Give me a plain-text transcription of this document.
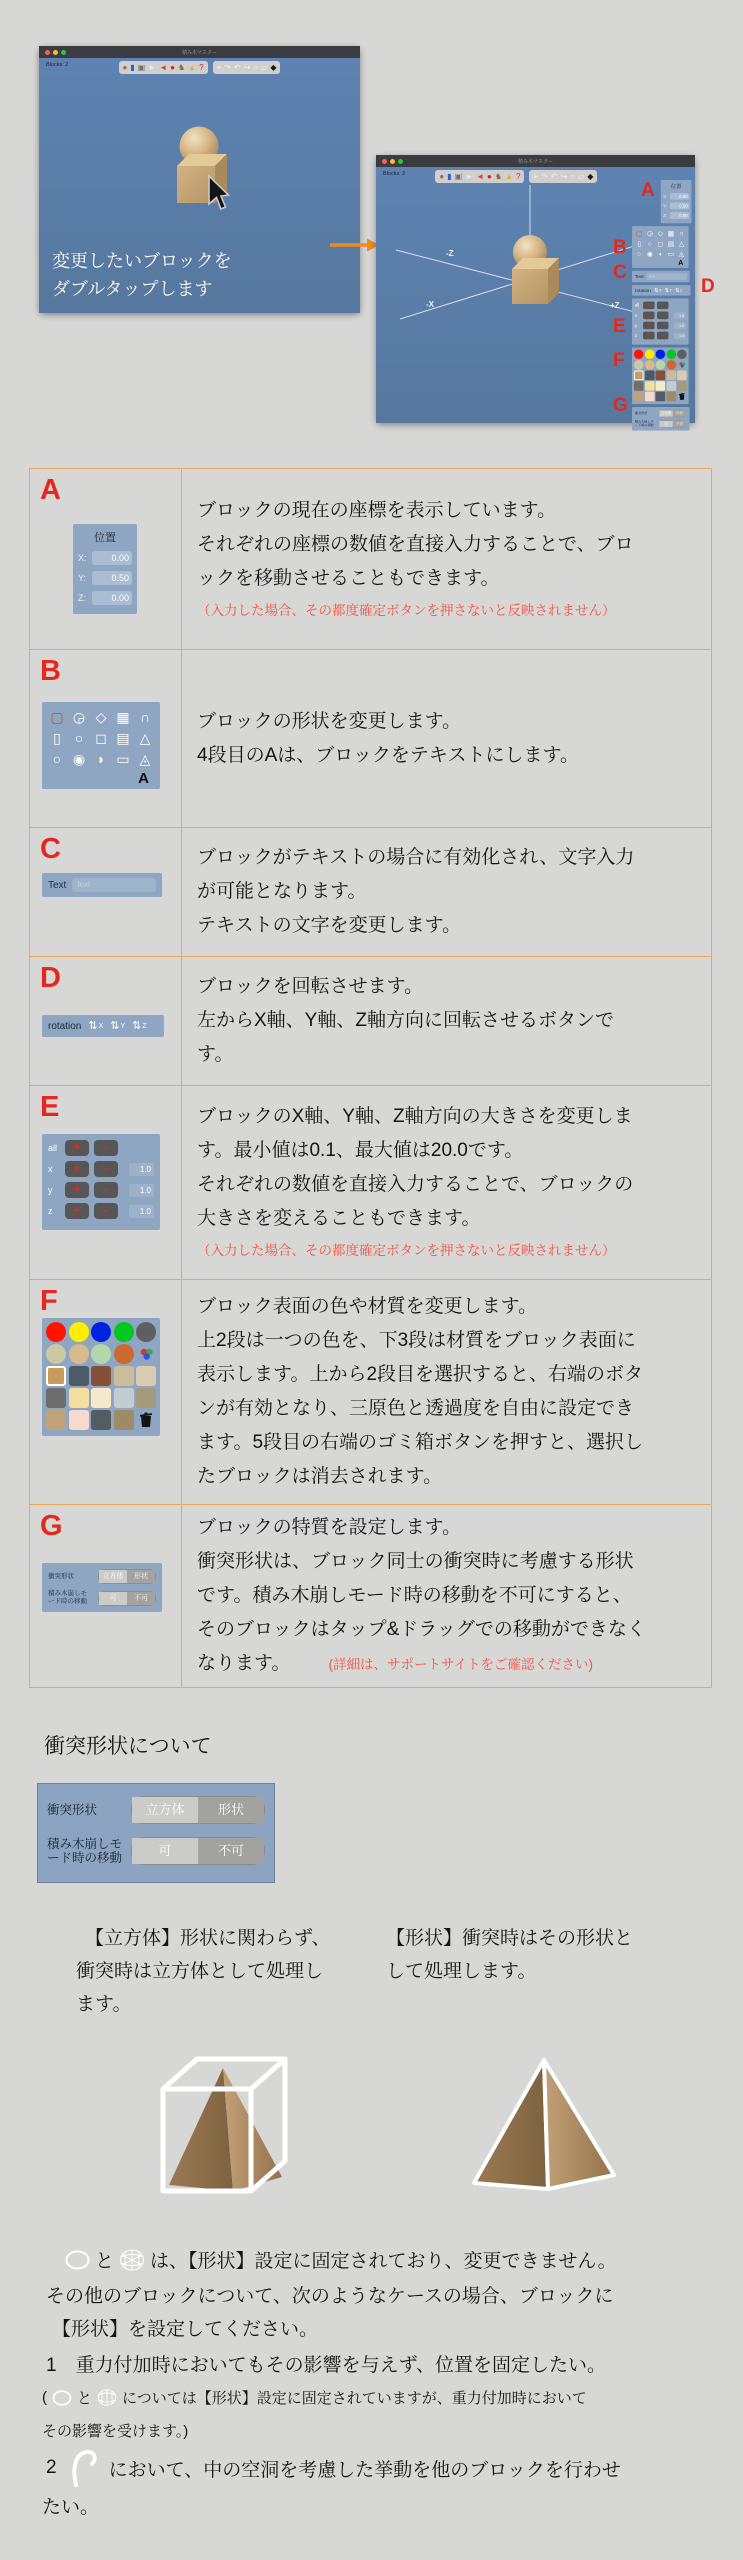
積み木マスター
● ▮ ▣ ► ◄ ● ♞ ▲ ? + ↷ ↶ ↪ ○ ▱ ◆
Blocks: 2
変更したいブロックを
ダブルタップします
積み木マスター
● ▮ ▣ ► ◄ ● ♞ ▲ ? + ↷ ↶ ↪ ○ ▱ ◆
Blocks: 2
-Z
-X	+Z
位置
X:	0.00
Y:	0.50
Z:	0.00
▢ ◶ ◇ ▦ ∩
▯ ○ ◻ ▤ △
○ ◉ ◗ ▭ ◬
A
Text text
rotation ⇅ X ⇅ Y ⇅ Z
all + -
x + -	1.0
y + -	1.0
z + -	1.0
衝突形状	立方体 形状
積み木崩しモ
ード時の移動
可	不可
A
B
C
D
E
F
G
A
位置
X:	0.00
Y:	0.50
Z:	0.00
ブロックの現在の座標を表示しています。
それぞれの座標の数値を直接入力することで、ブロ
ックを移動させることもできます。
（入力した場合、その都度確定ボタンを押さないと反映されません）
B
▢ ◶ ◇ ▦ ∩
▯ ○ ◻ ▤ △
○ ◉ ◗ ▭ ◬
A
ブロックの形状を変更します。
4段目のAは、ブロックをテキストにします。
C
Text	text
ブロックがテキストの場合に有効化され、文字入力
が可能となります。
テキストの文字を変更します。
D
rotation ⇅ X ⇅ Y ⇅ Z
ブロックを回転させます。
左からX軸、Y軸、Z軸方向に回転させるボタンで
す。
E
all	+	-
x	+	-	1.0
y	+	-	1.0
z	+	-	1.0
ブロックのX軸、Y軸、Z軸方向の大きさを変更しま
す。最小値は0.1、最大値は20.0です。
それぞれの数値を直接入力することで、ブロックの
大きさを変えることもできます。
（入力した場合、その都度確定ボタンを押さないと反映されません）
F	ブロック表面の色や材質を変更します。
上2段は一つの色を、下3段は材質をブロック表面に
表示します。上から2段目を選択すると、右端のボタ
ンが有効となり、三原色と透過度を自由に設定でき
ます。5段目の右端のゴミ箱ボタンを押すと、選択し
たブロックは消去されます。
G
衝突形状	立方体	形状
積み木崩しモ
ード時の移動	可	不可
ブロックの特質を設定します。
衝突形状は、ブロック同士の衝突時に考慮する形状
です。積み木崩しモード時の移動を不可にすると、
そのブロックはタップ&ドラッグでの移動ができなく
なります。	(詳細は、サポートサイトをご確認ください)
衝突形状について
衝突形状	立方体	形状
積み木崩しモ
ード時の移動	可	不可
【立方体】形状に関わらず、
衝突時は立方体として処理し
ます。
【形状】衝突時はその形状と
して処理します。
と は、【形状】設定に固定されており、変更できません。
その他のブロックについて、次のようなケースの場合、ブロックに
【形状】を設定してください。
1　重力付加時においてもその影響を与えず、位置を固定したい。
( と については【形状】設定に固定されていますが、重力付加時において
その影響を受けます。)
2	において、中の空洞を考慮した挙動を他のブロックを行わせ
たい。
